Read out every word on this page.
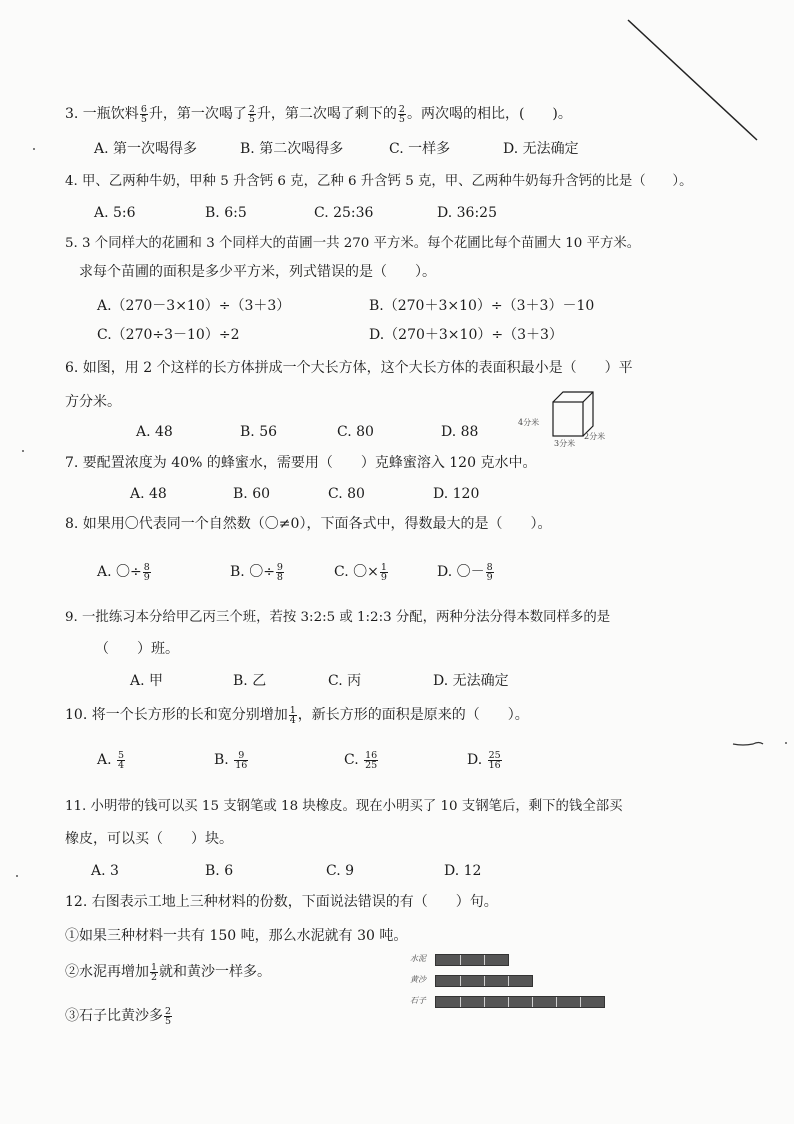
3. 一瓶饮料 $\frac{6}{5}$ 升，第一次喝了 $\frac{2}{5}$ 升，第二次喝了剩下的 $\frac{2}{5}$ 。两次喝的相比，(　　)。
A. 第一次喝得多	B. 第二次喝得多	C. 一样多	D. 无法确定
4. 甲、乙两种牛奶，甲种 5 升含钙 6 克，乙种 6 升含钙 5 克，甲、乙两种牛奶每升含钙的比是（　　）。
A. 5:6	B. 6:5	C. 25:36	D. 36:25
5. 3 个同样大的花圃和 3 个同样大的苗圃一共 270 平方米。每个花圃比每个苗圃大 10 平方米。
求每个苗圃的面积是多少平方米，列式错误的是（　　）。
A.（270－3×10）÷（3＋3）	B.（270＋3×10）÷（3＋3）－10
C.（270÷3－10）÷2	D.（270＋3×10）÷（3＋3）
6. 如图，用 2 个这样的长方体拼成一个大长方体，这个大长方体的表面积最小是（　　）平
方分米。
A. 48	B. 56	C. 80	D. 88
4分米
3分米
2分米
7. 要配置浓度为 40% 的蜂蜜水，需要用（　　）克蜂蜜溶入 120 克水中。
A. 48	B. 60	C. 80	D. 120
8. 如果用〇代表同一个自然数（〇≠0），下面各式中，得数最大的是（　　）。
A. 〇÷ $\frac{8}{9}$	B. 〇÷ $\frac{9}{8}$	C. 〇× $\frac{1}{9}$	D. 〇－ $\frac{8}{9}$
9. 一批练习本分给甲乙丙三个班，若按 3:2:5 或 1:2:3 分配，两种分法分得本数同样多的是
（　　）班。
A. 甲	B. 乙	C. 丙	D. 无法确定
10. 将一个长方形的长和宽分别增加 $\frac{1}{4}$ ，新长方形的面积是原来的（　　）。
A. $\frac{5}{4}$	B. $\frac{9}{16}$	C. $\frac{16}{25}$	D. $\frac{25}{16}$
11. 小明带的钱可以买 15 支钢笔或 18 块橡皮。现在小明买了 10 支钢笔后，剩下的钱全部买
橡皮，可以买（　　）块。
A. 3	B. 6	C. 9	D. 12
12. 右图表示工地上三种材料的份数，下面说法错误的有（　　）句。
①如果三种材料一共有 150 吨，那么水泥就有 30 吨。
②水泥再增加 $\frac{1}{2}$ 就和黄沙一样多。
③石子比黄沙多 $\frac{2}{5}$
水泥
黄沙
石子
